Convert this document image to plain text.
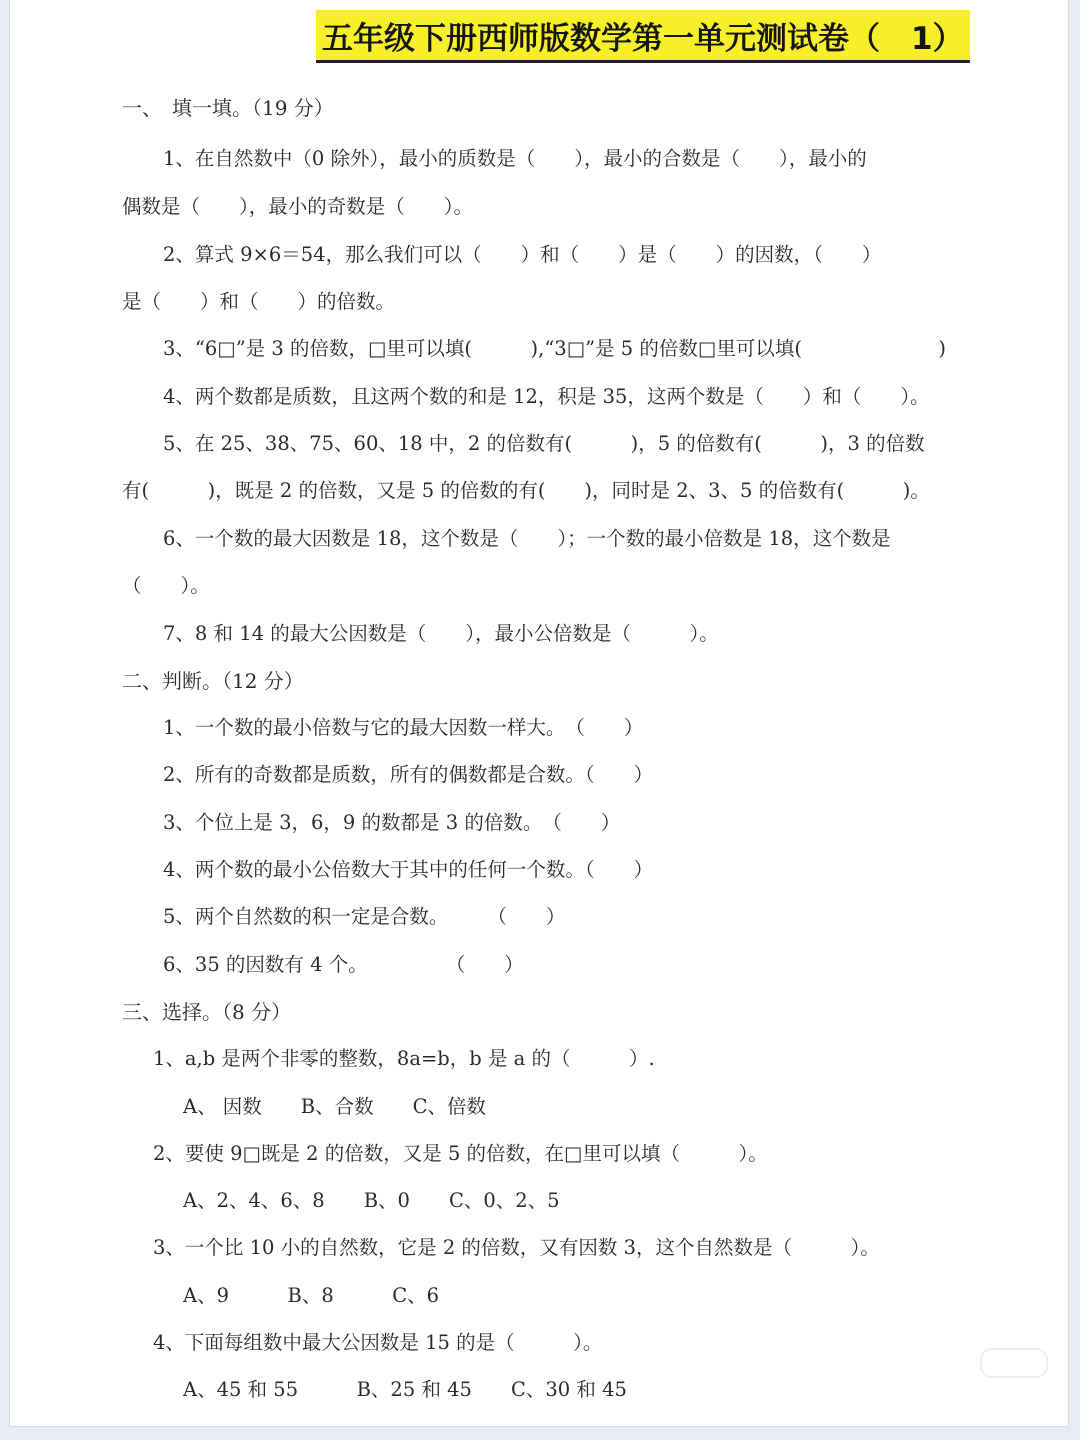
五年级下册西师版数学第一单元测试卷（　1）
一、　填一填。（19 分）
1、在自然数中（0 除外），最小的质数是（　　），最小的合数是（　　），最小的
偶数是（　　），最小的奇数是（　　）。
2、算式 9×6＝54，那么我们可以（　　）和（　　）是（　　）的因数，（　　）
是（　　）和（　　）的倍数。
3、“6□”是 3 的倍数，□里可以填(　　　),“3□”是 5 的倍数□里可以填(　　　　　　　)
4、两个数都是质数，且这两个数的和是 12，积是 35，这两个数是（　　）和（　　）。
5、在 25、38、75、60、18 中，2 的倍数有(　　　)，5 的倍数有(　　　)，3 的倍数
有(　　　)，既是 2 的倍数，又是 5 的倍数的有(　　)，同时是 2、3、5 的倍数有(　　　)。
6、一个数的最大因数是 18，这个数是（　　）；一个数的最小倍数是 18，这个数是
（　　）。
7、8 和 14 的最大公因数是（　　），最小公倍数是（　　　）。
二、判断。（12 分）
1、一个数的最小倍数与它的最大因数一样大。　（　　）
2、所有的奇数都是质数，所有的偶数都是合数。（　　）
3、个位上是 3，6，9 的数都是 3 的倍数。　（　　）
4、两个数的最小公倍数大于其中的任何一个数。（　　）
5、两个自然数的积一定是合数。　　　（　　）
6、35 的因数有 4 个。　　　　　（　　）
三、选择。（8 分）
1、a,b 是两个非零的整数，8a=b，b 是 a 的（　　　）.
A、 因数　　B、合数　　C、倍数
2、要使 9□既是 2 的倍数，又是 5 的倍数，在□里可以填（　　　）。
A、2、4、6、8　　B、0　　C、0、2、5
3、一个比 10 小的自然数，它是 2 的倍数，又有因数 3，这个自然数是（　　　）。
A、9　　　B、8　　　C、6
4、下面每组数中最大公因数是 15 的是（　　　）。
A、45 和 55　　　B、25 和 45　　C、30 和 45
